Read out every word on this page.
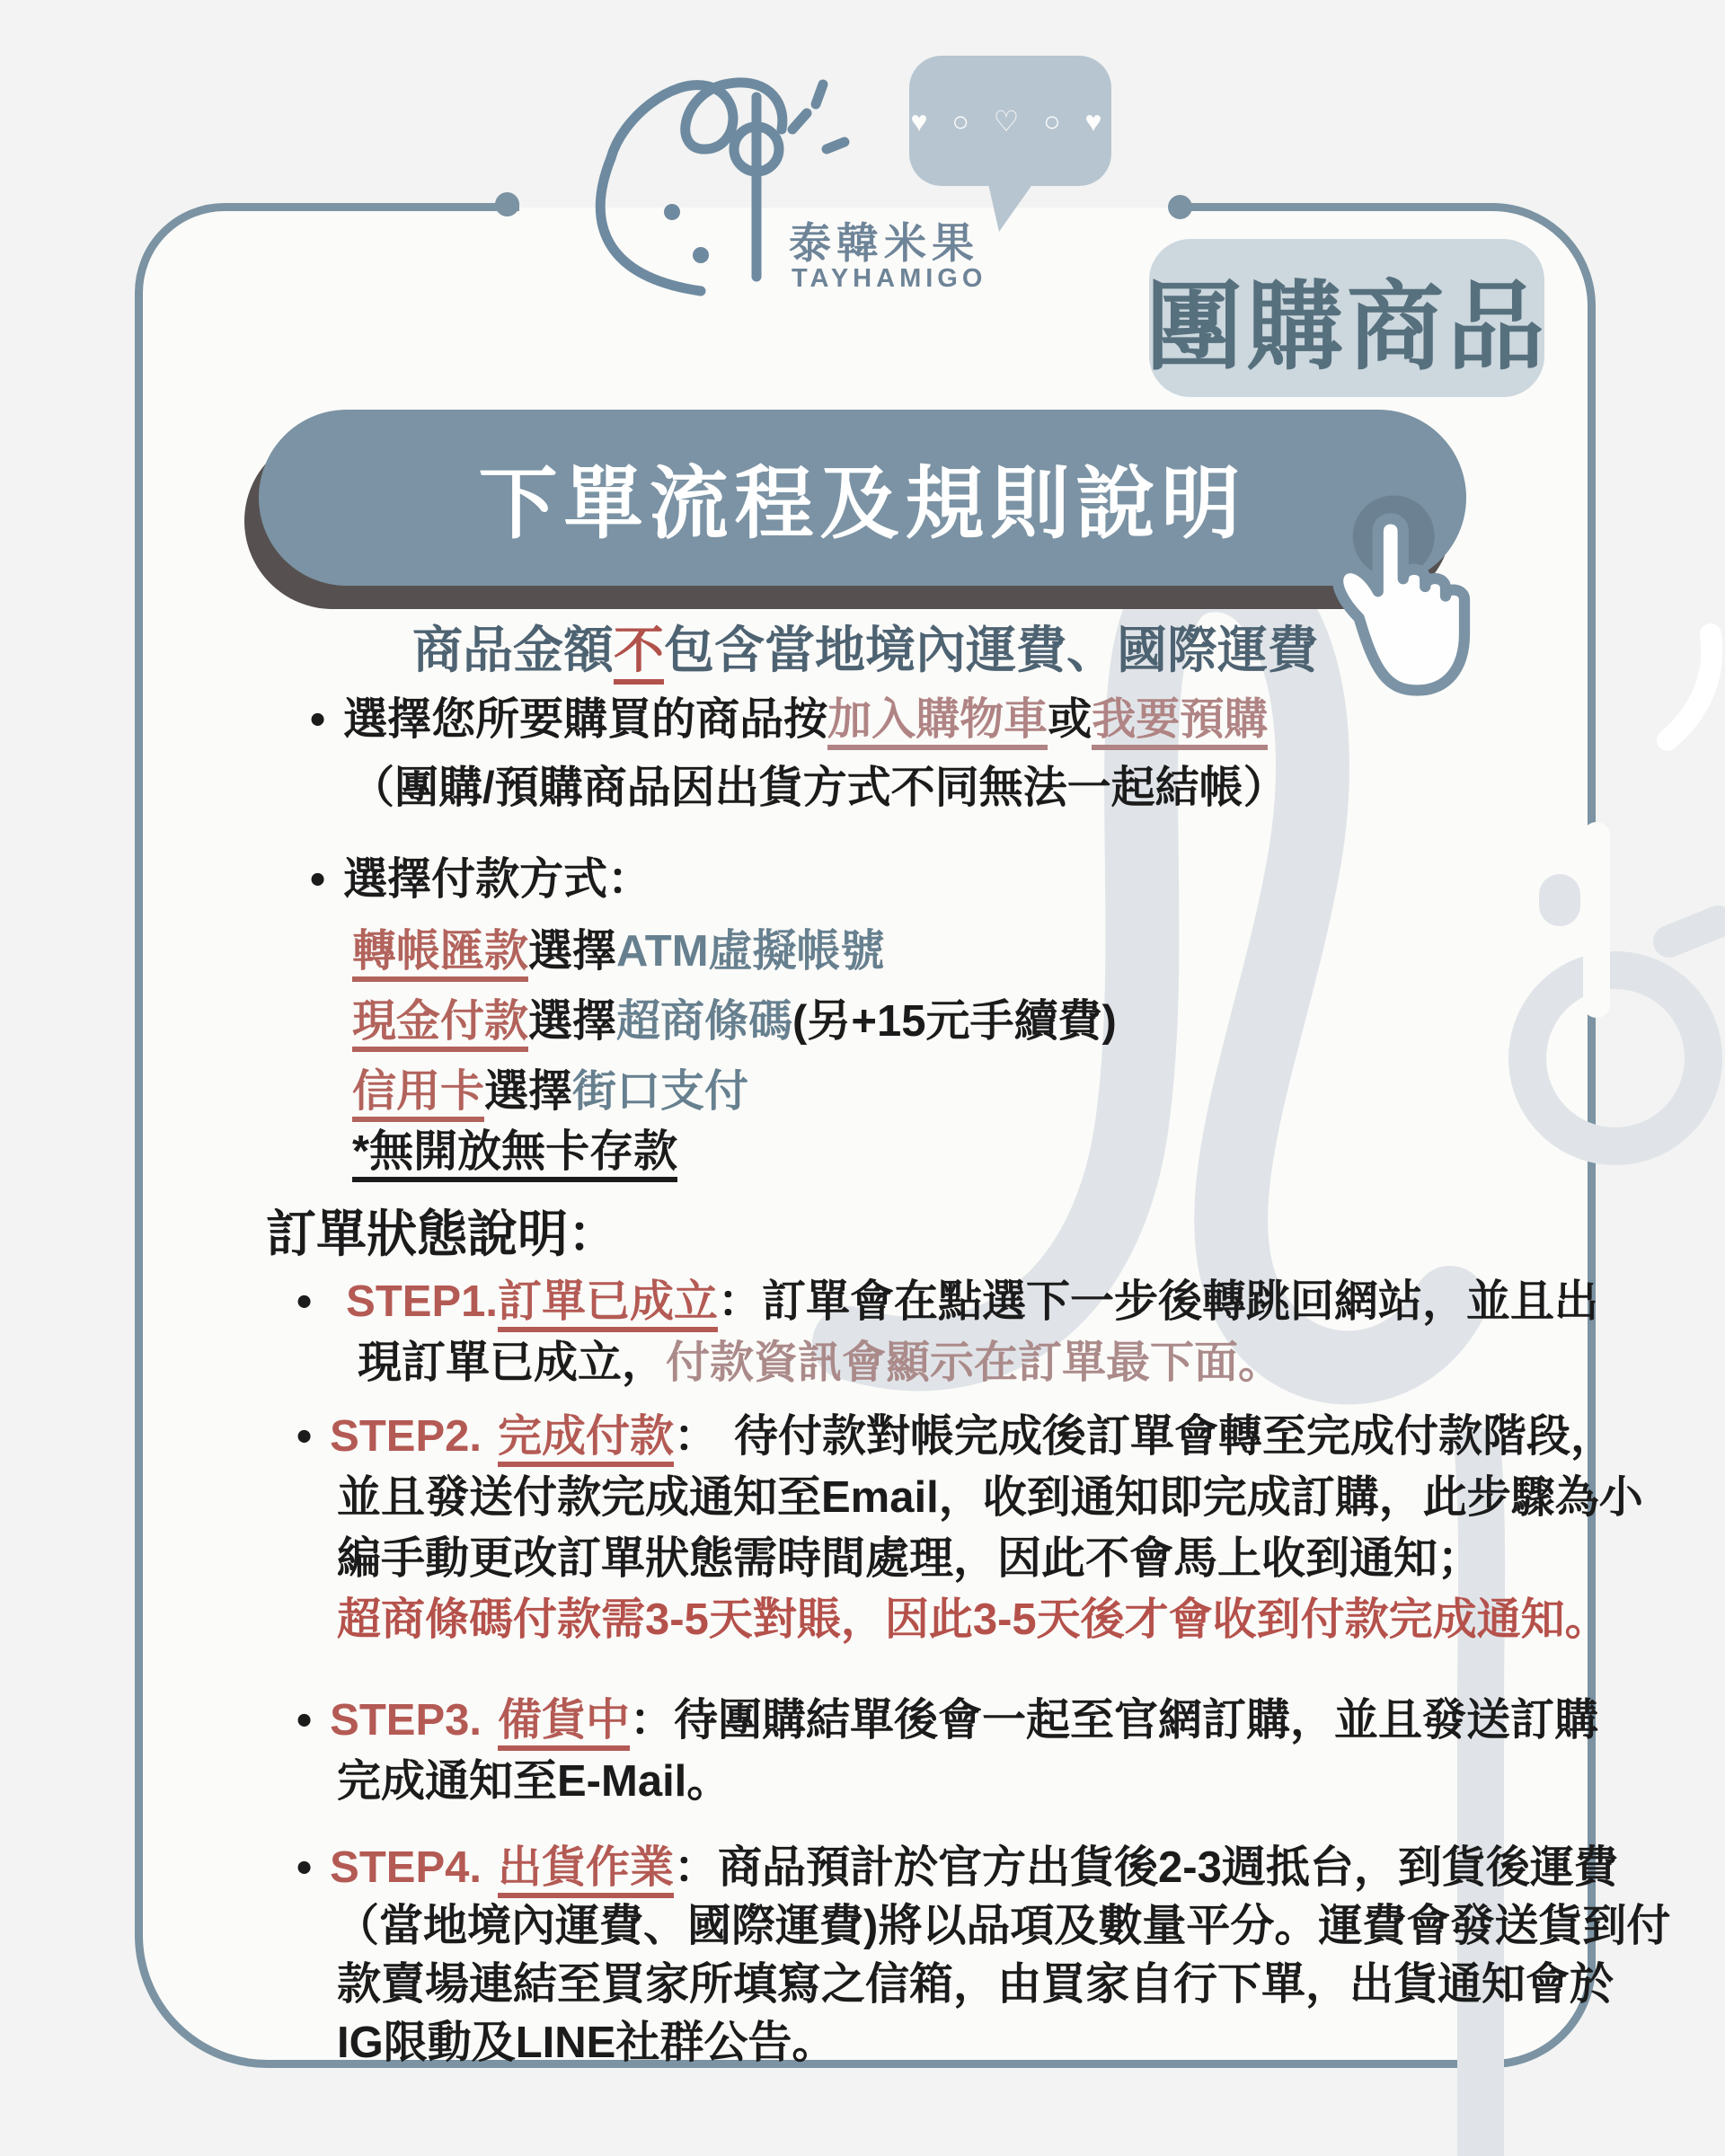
泰韓米果
TAYHAMIGO
♥ ○ ♡ ○ ♥
團購商品
下單流程及規則說明
商品金額不包含當地境內運費、國際運費
• 選擇您所要購買的商品按加入購物車或我要預購
（團購/預購商品因出貨方式不同無法一起結帳）
• 選擇付款方式：
轉帳匯款選擇ATM虛擬帳號
現金付款選擇超商條碼(另+15元手續費)
信用卡選擇街口支付
*無開放無卡存款
訂單狀態說明：
• STEP1.訂單已成立：訂單會在點選下一步後轉跳回網站，並且出
現訂單已成立，付款資訊會顯示在訂單最下面。
• STEP2. 完成付款： 待付款對帳完成後訂單會轉至完成付款階段，
並且發送付款完成通知至Email，收到通知即完成訂購，此步驟為小
編手動更改訂單狀態需時間處理，因此不會馬上收到通知；
超商條碼付款需3-5天對賬，因此3-5天後才會收到付款完成通知。
• STEP3. 備貨中：待團購結單後會一起至官網訂購，並且發送訂購
完成通知至E-Mail。
• STEP4. 出貨作業：商品預計於官方出貨後2-3週抵台，到貨後運費
（當地境內運費、國際運費)將以品項及數量平分。運費會發送貨到付
款賣場連結至買家所填寫之信箱，由買家自行下單，出貨通知會於
IG限動及LINE社群公告。
